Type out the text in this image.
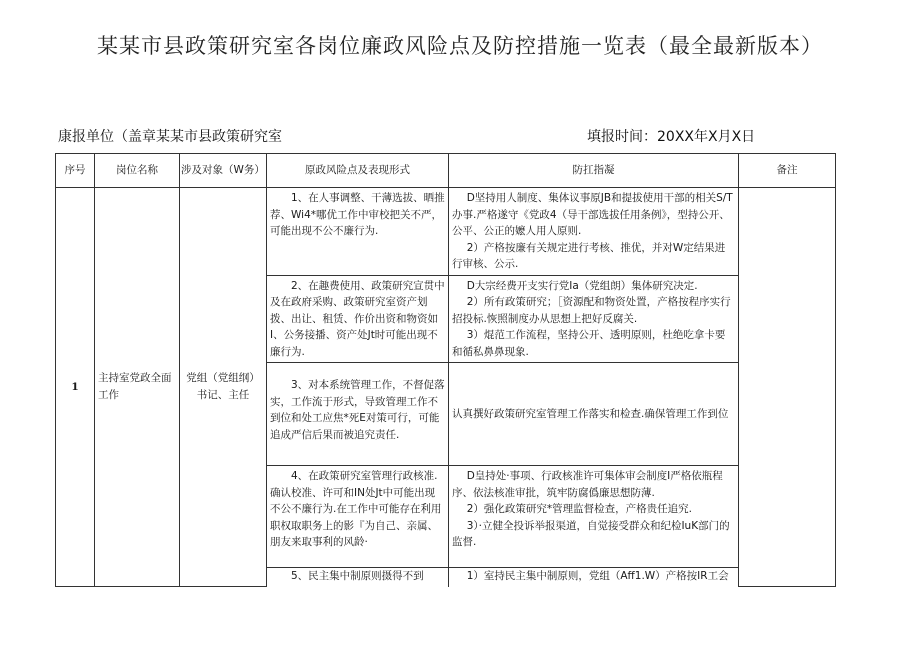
某某市县政策研究室各岗位廉政风险点及防控措施一览表（最全最新版本）
康报单位（盖章某某市县政策研究室	填报时间：20XX年X月X日
序号	岗位名称	涉及对象（W务）	原政风险点及表现形式	防扛指凝	备注
1	主持室党政全面工作	党组（党组纲）书记、主任	1、在人事调整、干薄选拔、晒推荐、Wi4*哪优工作中审校把关不严，可能出现不公不廉行为.	D坚持用人制度、集体议事原JB和提拔使用干部的相关S/T办事.严格遂守《党政4（导干部选拔任用条例》，型持公开、公平、公正的嬷人用人原则.

2）产格按廉有关规定进行考核、推优，并对W定结果进行审核、公示.	

			2、在趣费使用、政策研究宣贯中及在政府采购、政策研究室资产划拨、出让、租赁、作价出资和物资如I、公务接播、资产处Jt时可能出现不廉行为.	D大宗经费开支实行党Ia（党组朗）集体研究决定.

2）所有政策研究；［资源配和物资处置，产格按程序实行招投标.恢照制度办从思想上把好反腐关.

3）焜范工作流程，坚持公开、透明原则，杜绝吃拿卡要和循私鼻鼻现象.	

			3、对本系统管理工作，不督促落实，工作流于形式，导致管理工作不到位和处工应焦*死E对策可行，可能追成严信后果而被追究责任.	认真撰好政策研究室管理工作落实和检查.确保管理工作到位	

			4、在政策研究室管理行政核准.确认校准、许可和IN处Jt中可能出现不公不廉行为.在工作中可能存在利用职权取职务上的影『为自己、亲属、朋友来取事利的风龄·	D皇持处·事项、行政核准许可集体审会制度I严格依瓶程序、依法核准审批，筑牢防腐僞廉思想防薄.

2）强化政策研究*管理监督检查，产格贵任追究.

3）·立健全投诉举报渠道，自觉接受群众和纪检IuK部门的监督.	

			5、民主集中制原则摄得不到	1）室持民主集中制原则，党组（Aff1.W）产格按IR工会	
